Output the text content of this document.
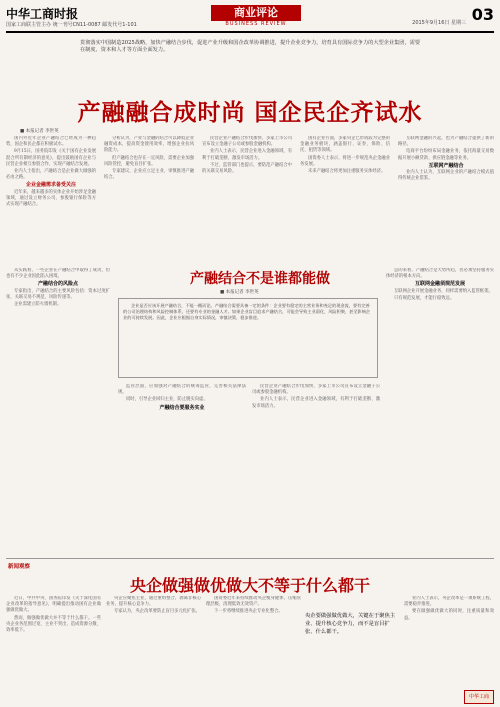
中华工商时报
国家工商联主管主办 统一刊号CN11-0087 邮发代号1-101
商业评论
BUSINESS REVIEW	2015年9月16日 星期三 03
贯彻落实中国制造2025战略，加快产融结合步伐，促进产业升级和国企改革协调推进，提升企业竞争力，培育具有国际竞争力的大型企业集团，需要在制度、资本和人才等方面全面发力。
产融融合成时尚 国企民企齐试水
■ 本报记者 李世英

国内外近年企业产融结合已经成为一种趋势，国企和民企都在积极试水。

9月15日，国务院印发《关于国有企业发展混合所有制经济的意见》，提出鼓励国有企业与民营企业相互参股合作，实现产融结合发展。

业内人士指出，产融结合是企业做大做强的必由之路。

企业金融需求备受关注

近年来，越来越多的实体企业开始涉足金融领域，通过设立财务公司、参股银行保险等方式实现产融结合。

分析认为，产业与金融的结合可以降低企业融资成本，提高资金使用效率，增强企业抗风险能力。

但产融结合也存在一定风险，需要企业加强风险管控，避免盲目扩张。

专家建议，企业应立足主业，审慎推进产融结合。

民营企业产融结合步伐加快，多家上市公司宣布设立金融子公司或参股金融机构。

业内人士表示，民营企业进入金融领域，有利于打破垄断、激发市场活力。

不过，监管部门也提示，要防范产融结合中的关联交易风险。

国有企业方面，多家央企已形成较为完整的金融业务板块，涵盖银行、证券、保险、信托、租赁等领域。

国资委人士表示，将进一步规范央企金融业务发展。

未来产融结合将更加注重服务实体经济。

互联网金融的兴起，也为产融结合提供了新的路径。

电商平台纷纷布局金融业务，依托海量交易数据开展小额贷款、供应链金融等业务。

互联网产融结合

业内人士认为，互联网企业的产融结合模式值得传统企业借鉴。

产融结合不是谁都能做
■ 本报记者 李世英

从实践看，一些企业在产融结合中取得了成功，但也有不少企业因此陷入困境。

产融结合的风险点

专家指出，产融结合的主要风险包括：资本过度扩张、关联交易不规范、风险传递等。

企业需建立防火墙机制。	企业是否应该开展产融结合，不能一概而论。产融结合需要具备一定的条件：企业要有稳定的主营业务和充足的现金流，要有完善的公司治理结构和风险控制体系，还要有专业的金融人才。如果企业盲目追求产融结合，可能会导致主业弱化、风险积聚，甚至影响企业的可持续发展。因此，企业应根据自身实际情况，审慎决策，稳步推进。

总的来看，产融结合是大势所趋，但必须坚持服务实体经济的根本方向。

互联网金融须规范发展

互联网企业开展金融业务，同样需要纳入监管框架。

只有规范发展，才能行稳致远。

监管层面，应加强对产融结合的统筹监管，完善相关法律法规。

同时，引导企业回归主业，防止脱实向虚。

产融结合要服务实业

民营企业产融结合步伐加快，多家上市公司宣布设立金融子公司或参股金融机构。

业内人士表示，民营企业进入金融领域，有利于打破垄断、激发市场活力。

新闻观察
央企做强做优做大不等于什么都干

近日，中共中央、国务院印发《关于深化国有企业改革的指导意见》，明确提出推动国有企业做强做优做大。

然而，做强做优做大并不等于什么都干。一些央企业务范围过宽、主业不突出，造成资源分散、效率低下。

央企应聚焦主业，通过重组整合，剥离非核心业务，提升核心竞争力。

专家认为，央企改革要防止盲目多元化扩张。

国资委近年来持续推动央企瘦身健体，压缩管理层级，清理低效无效资产。

下一步将继续推进央企专业化整合。

央企要做强做优做大，关键在于聚焦主业、提升核心竞争力，而不是盲目扩张、什么都干。

业内人士表示，央企改革是一项系统工程，需要稳步推进。

要在做强做优做大的同时，注重质量和效益。

中华工商
